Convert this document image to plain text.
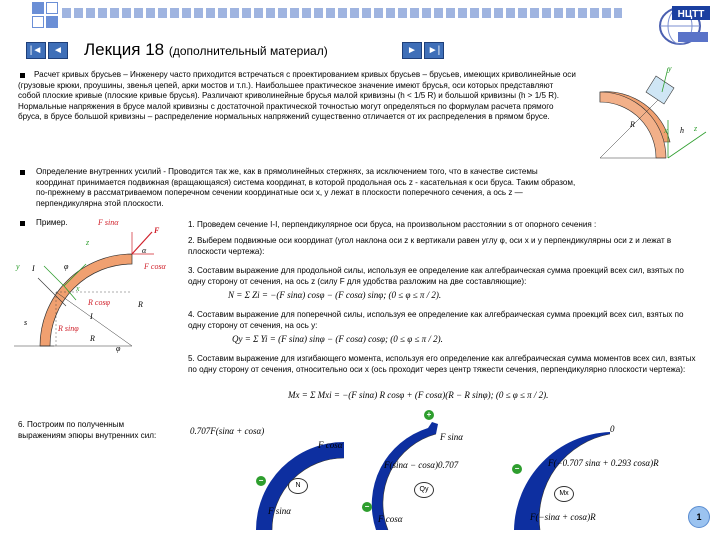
НЦТТ
|◄	◄	►	►|
Лекция 18 (дополнительный материал)
y
R
h z
x
Расчет кривых брусьев – Инженеру часто приходится встречаться с проектированием кривых брусьев – брусьев, имеющих криволинейные оси (грузовые крюки, проушины, звенья цепей, арки мостов и т.п.). Наибольшее практическое значение имеют брусья, оси которых представляют собой плоские кривые (плоские кривые брусья). Различают криволинейные брусья малой кривизны (h < 1/5 R) и большой кривизны (h > 1/5 R). Нормальные напряжения в брусе малой кривизны с достаточной практической точностью могут определяться по формулам расчета прямого бруса, в брусе большой кривизны – распределение нормальных напряжений существенно отличается от их распределения в прямом брусе.
Определение внутренних усилий - Проводится так же, как в прямолинейных стержнях, за исключением того, что в качестве системы координат принимается подвижная (вращающаяся) система координат, в которой продольная ось z - касательная к оси бруса. Таким образом, по-прежнему в рассматриваемом поперечном сечении координатные оси x, y лежат в плоскости поперечного сечения, а ось z — перпендикулярна этой плоскости.
Пример.	F sinα
F
F cosα
α
z
y
x
I
I
φ
φ
s
R cosφ
R sinφ
R
R
1. Проведем сечение I-I, перпендикулярное оси бруса, на произвольном расстоянии s от опорного сечения :
2. Выберем подвижные оси координат (угол наклона оси z к вертикали равен углу φ, оси x и y перпендикулярны оси z и лежат в плоскости чертежа):
3. Составим выражение для продольной силы, используя ее определение как алгебраическая сумма проекций всех сил, взятых по одну сторону от сечения, на ось z (силу F для удобства разложим на две составляющие):
N = Σ Zi = −(F sinα) cosφ − (F cosα) sinφ; (0 ≤ φ ≤ π / 2).
4. Составим выражение для поперечной силы, используя ее определение как алгебраическая сумма проекций всех сил, взятых по одну сторону от сечения, на ось y:
Qy = Σ Yi = (F sinα) sinφ − (F cosα) cosφ; (0 ≤ φ ≤ π / 2).
5. Составим выражение для изгибающего момента, используя его определение как алгебраическая сумма моментов всех сил, взятых по одну сторону от сечения, относительно оси x (ось проходит через центр тяжести сечения, перпендикулярно плоскости чертежа):
Mx = Σ Mxi = −(F sinα) R cosφ + (F cosα)(R − R sinφ); (0 ≤ φ ≤ π / 2).
6. Построим по полученным выражениям эпюры внутренних сил:
−
N
0.707F(sinα + cosα)
F cosα
F sinα
+
−
Qy
F sinα
F(sinα − cosα)0.707
F cosα
−
Mx
0
F(−0.707 sinα + 0.293 cosα)R
F(−sinα + cosα)R	1
